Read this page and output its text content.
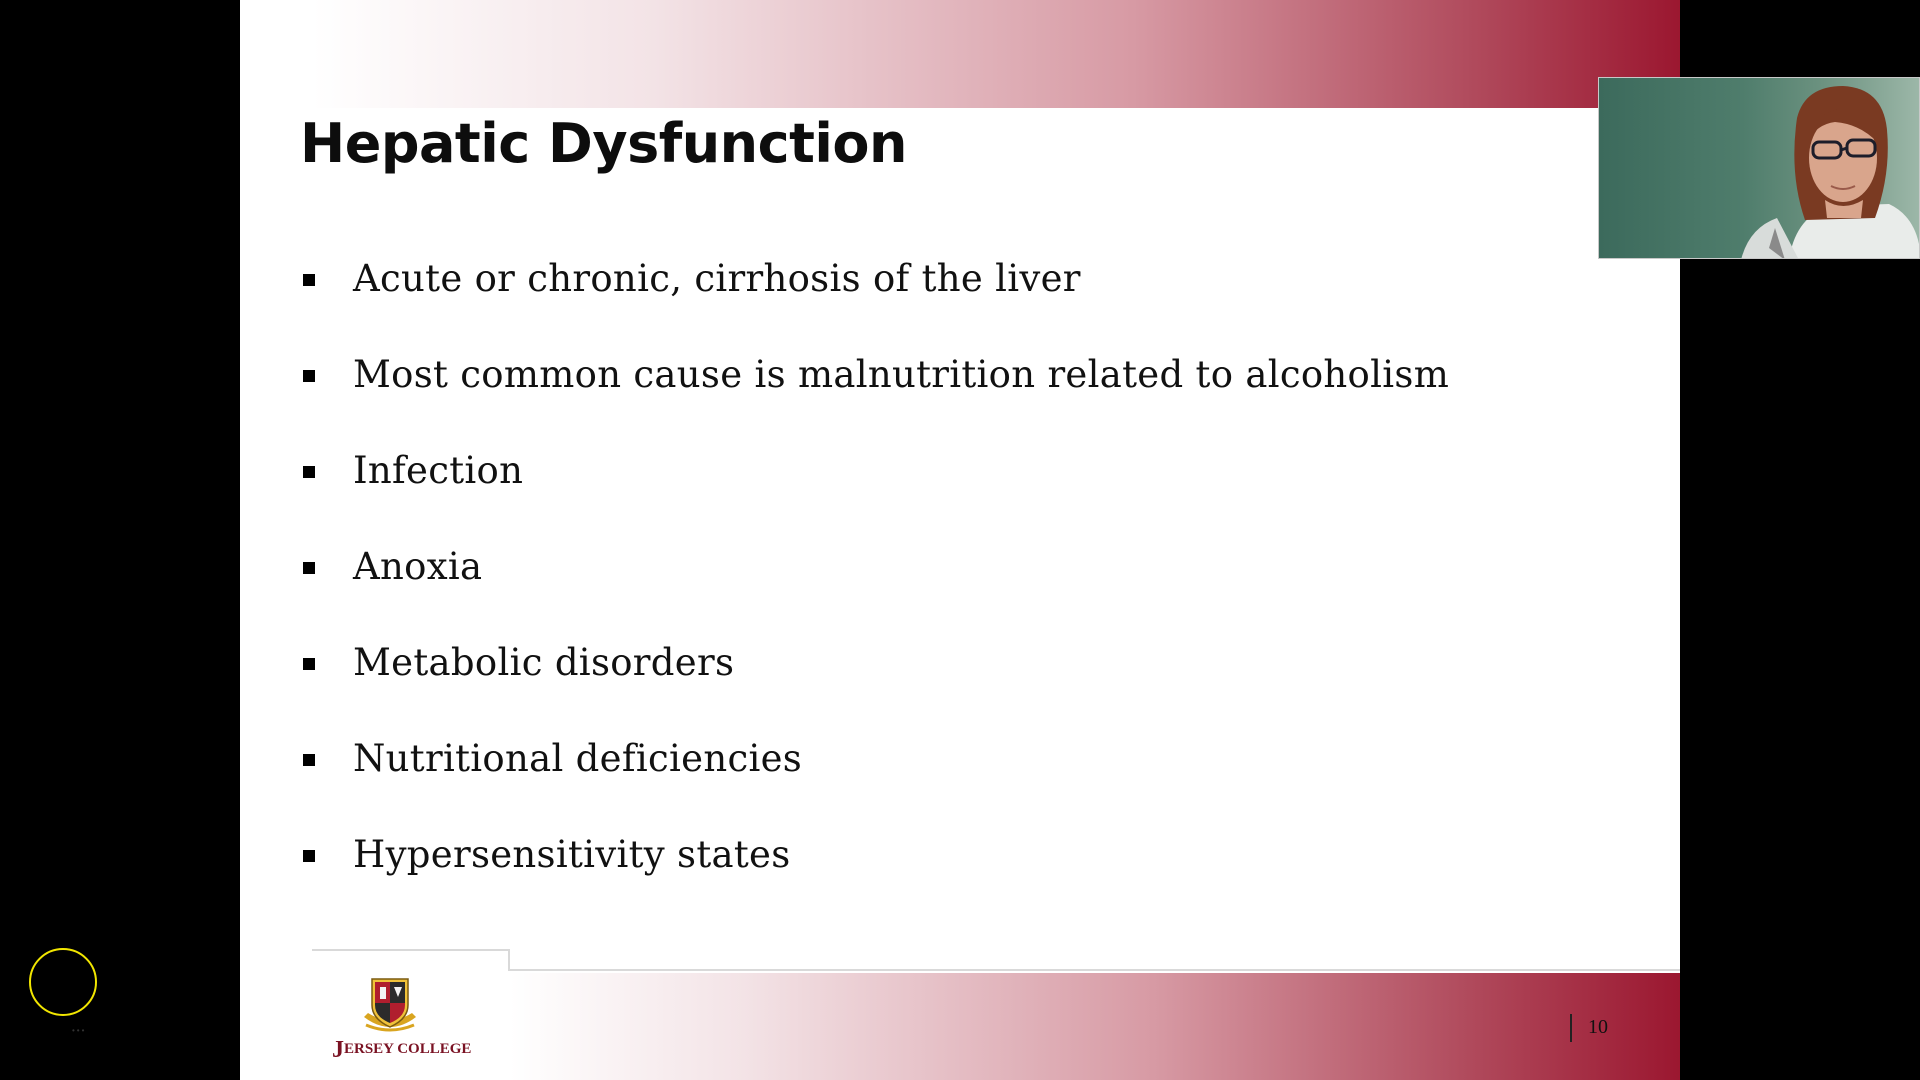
Hepatic Dysfunction
Acute or chronic, cirrhosis of the liver
Most common cause is malnutrition related to alcoholism
Infection
Anoxia
Metabolic disorders
Nutritional deficiencies
Hypersensitivity states
JERSEY COLLEGE
10
•••
